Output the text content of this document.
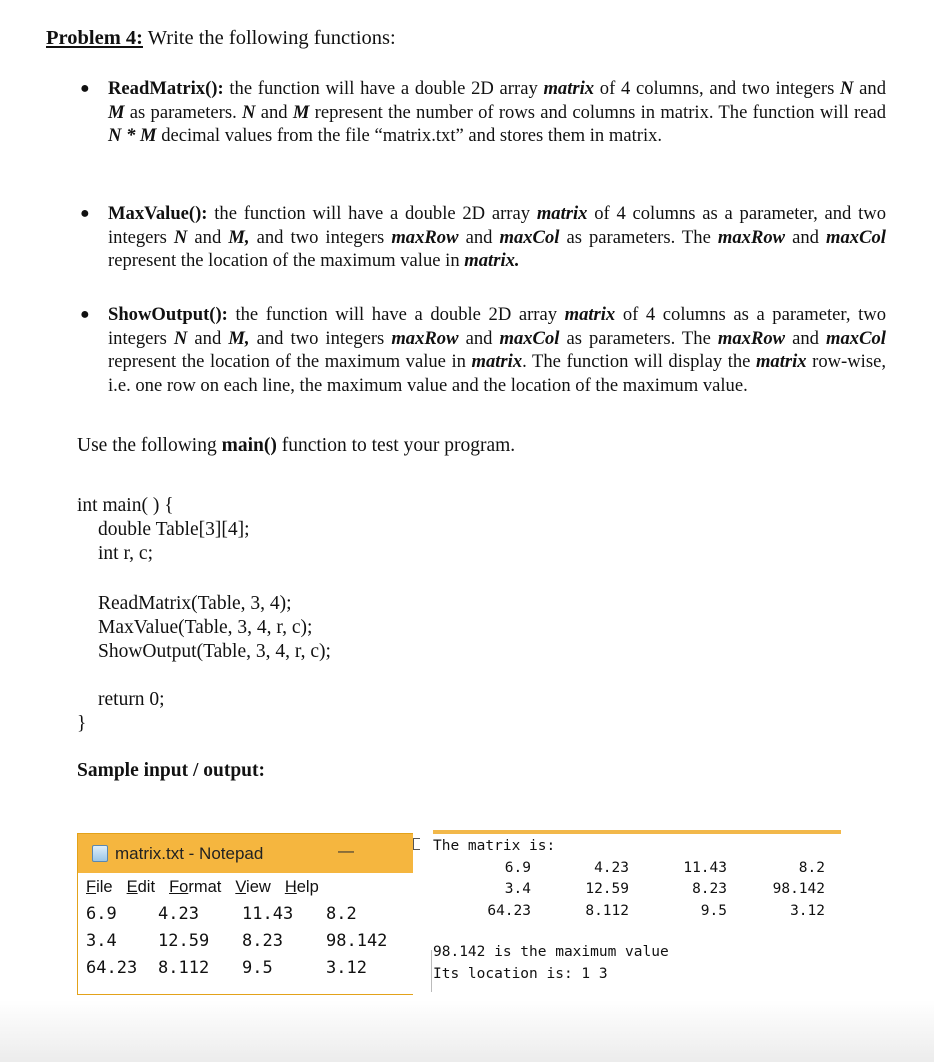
Problem 4: Write the following functions:
● ReadMatrix(): the function will have a double 2D array matrix of 4 columns, and two integers N and M as parameters. N and M represent the number of rows and columns in matrix. The function will read N * M decimal values from the file “matrix.txt” and stores them in matrix.
● MaxValue(): the function will have a double 2D array matrix of 4 columns as a parameter, and two integers N and M, and two integers maxRow and maxCol as parameters. The maxRow and maxCol represent the location of the maximum value in matrix.
● ShowOutput(): the function will have a double 2D array matrix of 4 columns as a parameter, two integers N and M, and two integers maxRow and maxCol as parameters. The maxRow and maxCol represent the location of the maximum value in matrix. The function will display the matrix row-wise, i.e. one row on each line, the maximum value and the location of the maximum value.
Use the following main() function to test your program.
int main( ) {
double Table[3][4];
int r, c;
ReadMatrix(Table, 3, 4);
MaxValue(Table, 3, 4, r, c);
ShowOutput(Table, 3, 4, r, c);
return 0;
}
Sample input / output:
matrix.txt - Notepad	—
File Edit Format View Help
6.9 4.23	11.43 8.2
3.4 12.59 8.23	98.142
64.23 8.112 9.5	3.12
The matrix is:
6.9	4.23	11.43	8.2
3.4	12.59	8.23	98.142
64.23	8.112	9.5	3.12
98.142 is the maximum value
Its location is: 1 3
